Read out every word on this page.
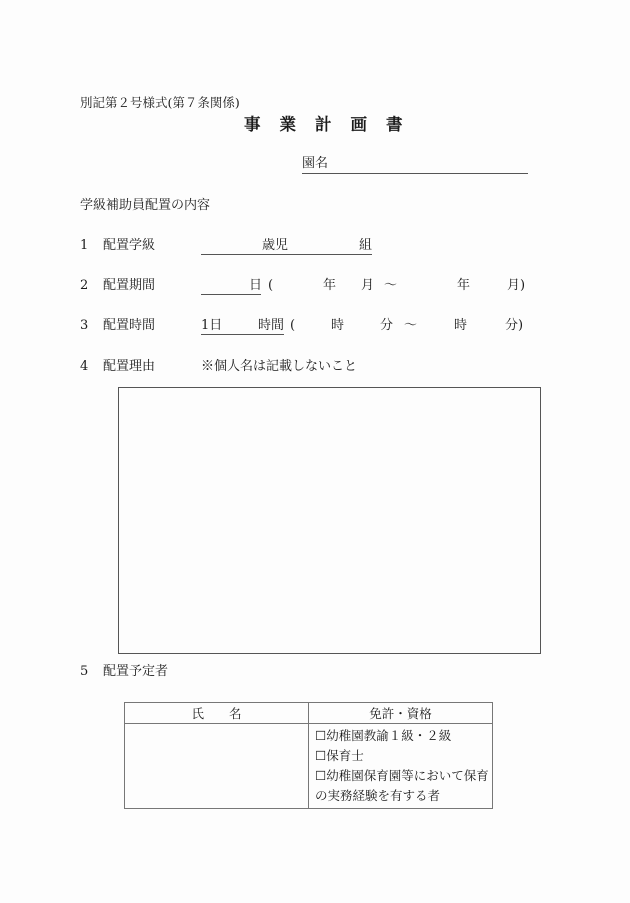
別記第２号様式(第７条関係)
事業計画書
園名
学級補助員配置の内容
1 配置学級	歳児	組
2 配置期間	日 (	年 月 ～	年	月)
3 配置時間	1日	時間 (	時	分 ～	時	分)
4 配置理由	※個人名は記載しないこと
5 配置予定者
氏　　名	免許・資格

	☐幼稚園教諭１級・２級
☐保育士
☐幼稚園保育園等において保育
の実務経験を有する者
